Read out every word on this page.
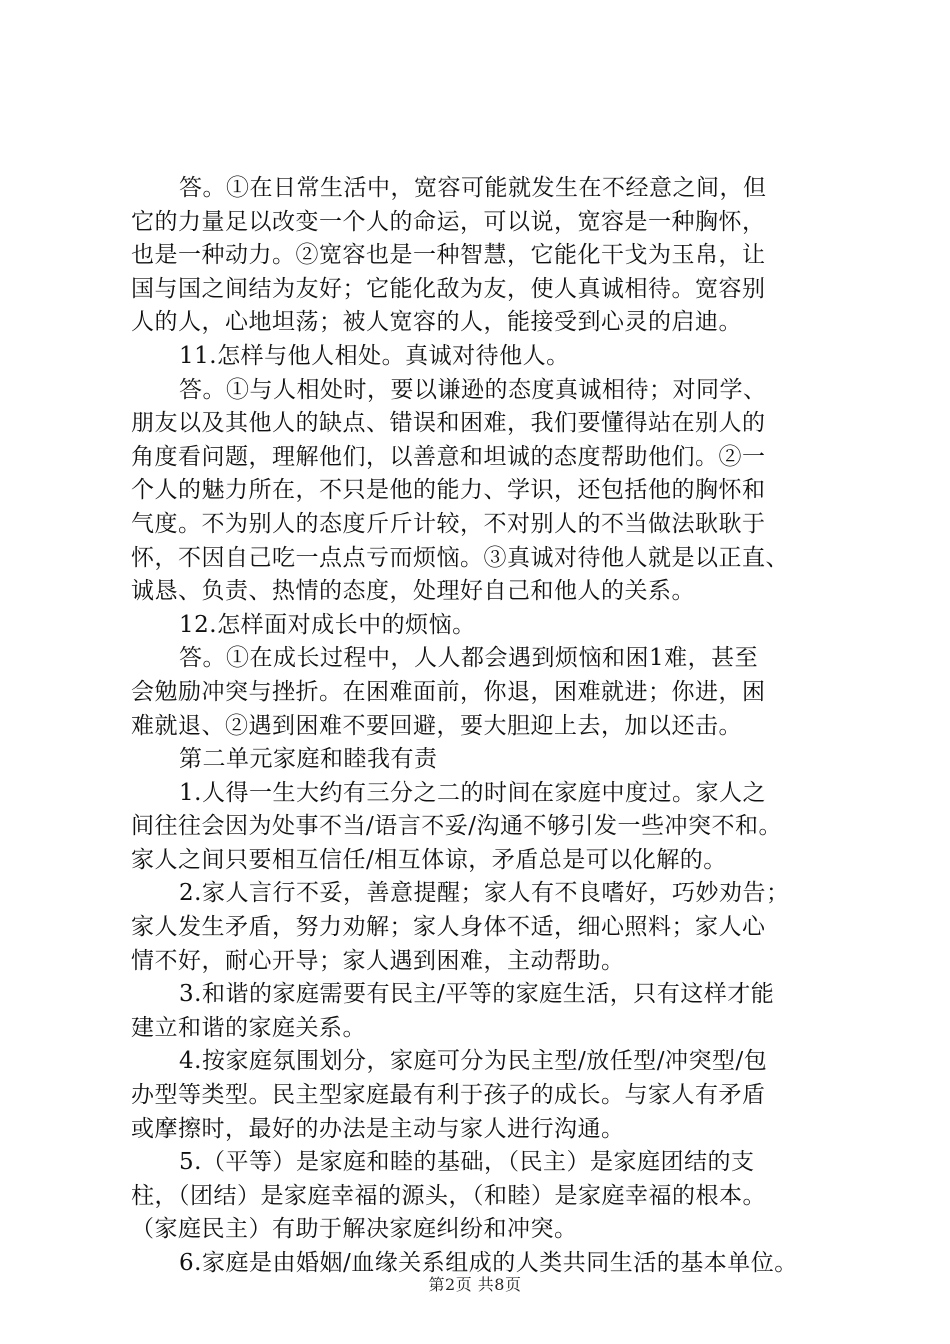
答。①在日常生活中，宽容可能就发生在不经意之间，但
它的力量足以改变一个人的命运，可以说，宽容是一种胸怀，
也是一种动力。②宽容也是一种智慧，它能化干戈为玉帛，让
国与国之间结为友好；它能化敌为友，使人真诚相待。宽容别
人的人，心地坦荡；被人宽容的人，能接受到心灵的启迪。
11.怎样与他人相处。真诚对待他人。
答。①与人相处时，要以谦逊的态度真诚相待；对同学、
朋友以及其他人的缺点、错误和困难，我们要懂得站在别人的
角度看问题，理解他们，以善意和坦诚的态度帮助他们。②一
个人的魅力所在，不只是他的能力、学识，还包括他的胸怀和
气度。不为别人的态度斤斤计较，不对别人的不当做法耿耿于
怀，不因自己吃一点点亏而烦恼。③真诚对待他人就是以正直、
诚恳、负责、热情的态度，处理好自己和他人的关系。
12.怎样面对成长中的烦恼。
答。①在成长过程中，人人都会遇到烦恼和困1难，甚至
会勉励冲突与挫折。在困难面前，你退，困难就进；你进，困
难就退、②遇到困难不要回避，要大胆迎上去，加以还击。
第二单元家庭和睦我有责
1.人得一生大约有三分之二的时间在家庭中度过。家人之
间往往会因为处事不当/语言不妥/沟通不够引发一些冲突不和。
家人之间只要相互信任/相互体谅，矛盾总是可以化解的。
2.家人言行不妥，善意提醒；家人有不良嗜好，巧妙劝告；
家人发生矛盾，努力劝解；家人身体不适，细心照料；家人心
情不好，耐心开导；家人遇到困难，主动帮助。
3.和谐的家庭需要有民主/平等的家庭生活，只有这样才能
建立和谐的家庭关系。
4.按家庭氛围划分，家庭可分为民主型/放任型/冲突型/包
办型等类型。民主型家庭最有利于孩子的成长。与家人有矛盾
或摩擦时，最好的办法是主动与家人进行沟通。
5.（平等）是家庭和睦的基础，（民主）是家庭团结的支
柱，（团结）是家庭幸福的源头，（和睦）是家庭幸福的根本。
（家庭民主）有助于解决家庭纠纷和冲突。
6.家庭是由婚姻/血缘关系组成的人类共同生活的基本单位。
第2页 共8页
